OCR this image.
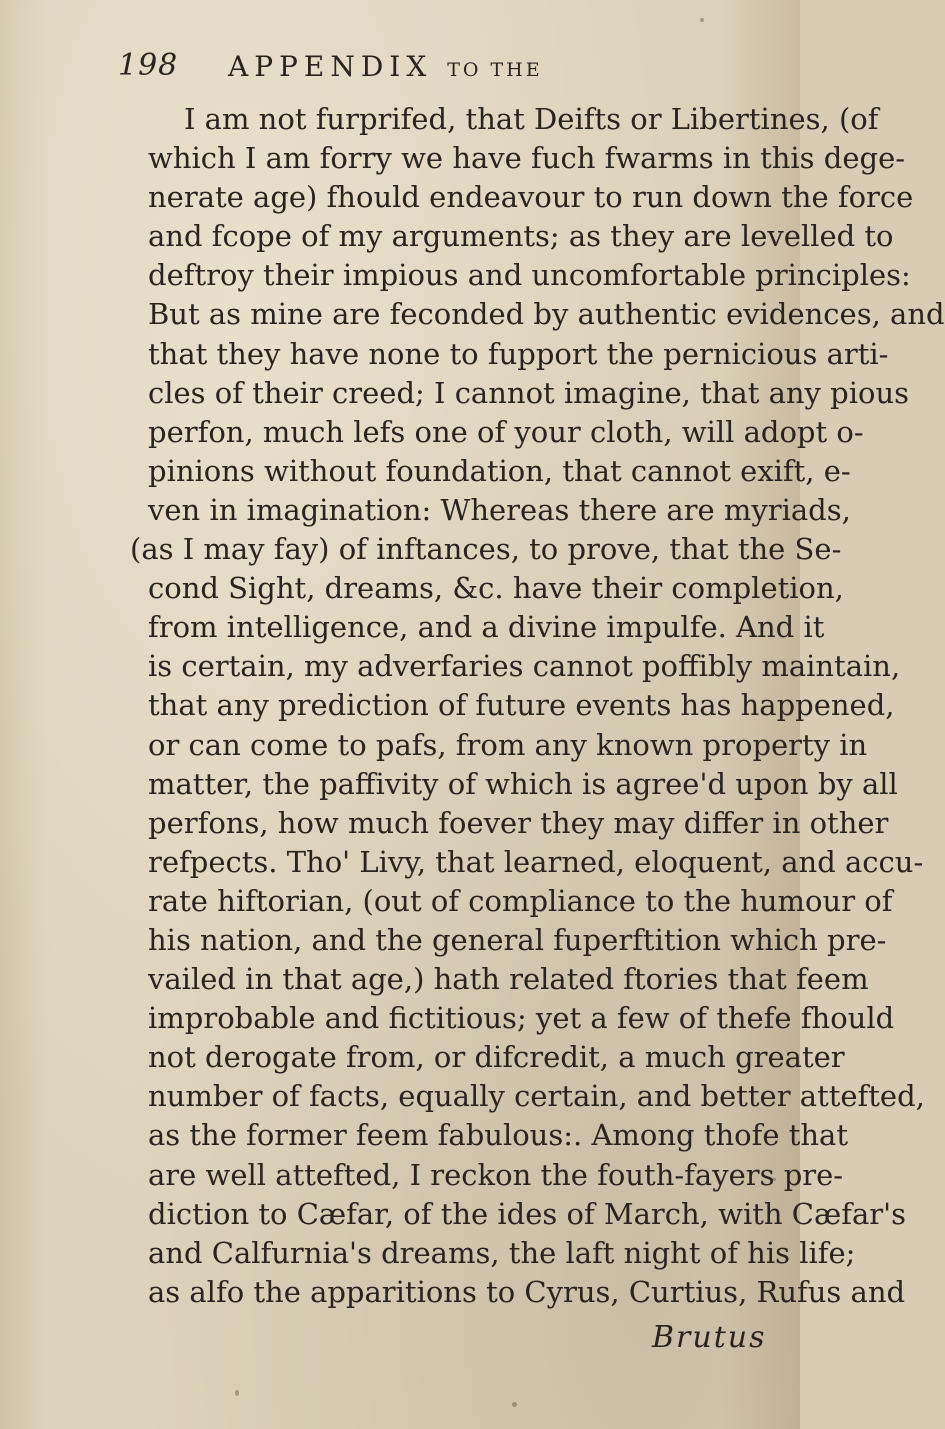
198 APPENDIX TO THE
I am not furprifed, that Deifts or Libertines, (of
which I am forry we have fuch fwarms in this dege-
nerate age) fhould endeavour to run down the force
and fcope of my arguments; as they are levelled to
deftroy their impious and uncomfortable principles:
But as mine are feconded by authentic evidences, and
that they have none to fupport the pernicious arti-
cles of their creed; I cannot imagine, that any pious
perfon, much lefs one of your cloth, will adopt o-
pinions without foundation, that cannot exift, e-
ven in imagination: Whereas there are myriads,
(as I may fay) of inftances, to prove, that the Se-
cond Sight, dreams, &c. have their completion,
from intelligence, and a divine impulfe. And it
is certain, my adverfaries cannot poffibly maintain,
that any prediction of future events has happened,
or can come to pafs, from any known property in
matter, the paffivity of which is agree'd upon by all
perfons, how much foever they may differ in other
refpects. Tho' Livy, that learned, eloquent, and accu-
rate hiftorian, (out of compliance to the humour of
his nation, and the general fuperftition which pre-
vailed in that age,) hath related ftories that feem
improbable and fictitious; yet a few of thefe fhould
not derogate from, or difcredit, a much greater
number of facts, equally certain, and better attefted,
as the former feem fabulous:. Among thofe that
are well attefted, I reckon the fouth-fayers pre-
diction to Cæfar, of the ides of March, with Cæfar's
and Calfurnia's dreams, the laft night of his life;
as alfo the apparitions to Cyrus, Curtius, Rufus and
Brutus
